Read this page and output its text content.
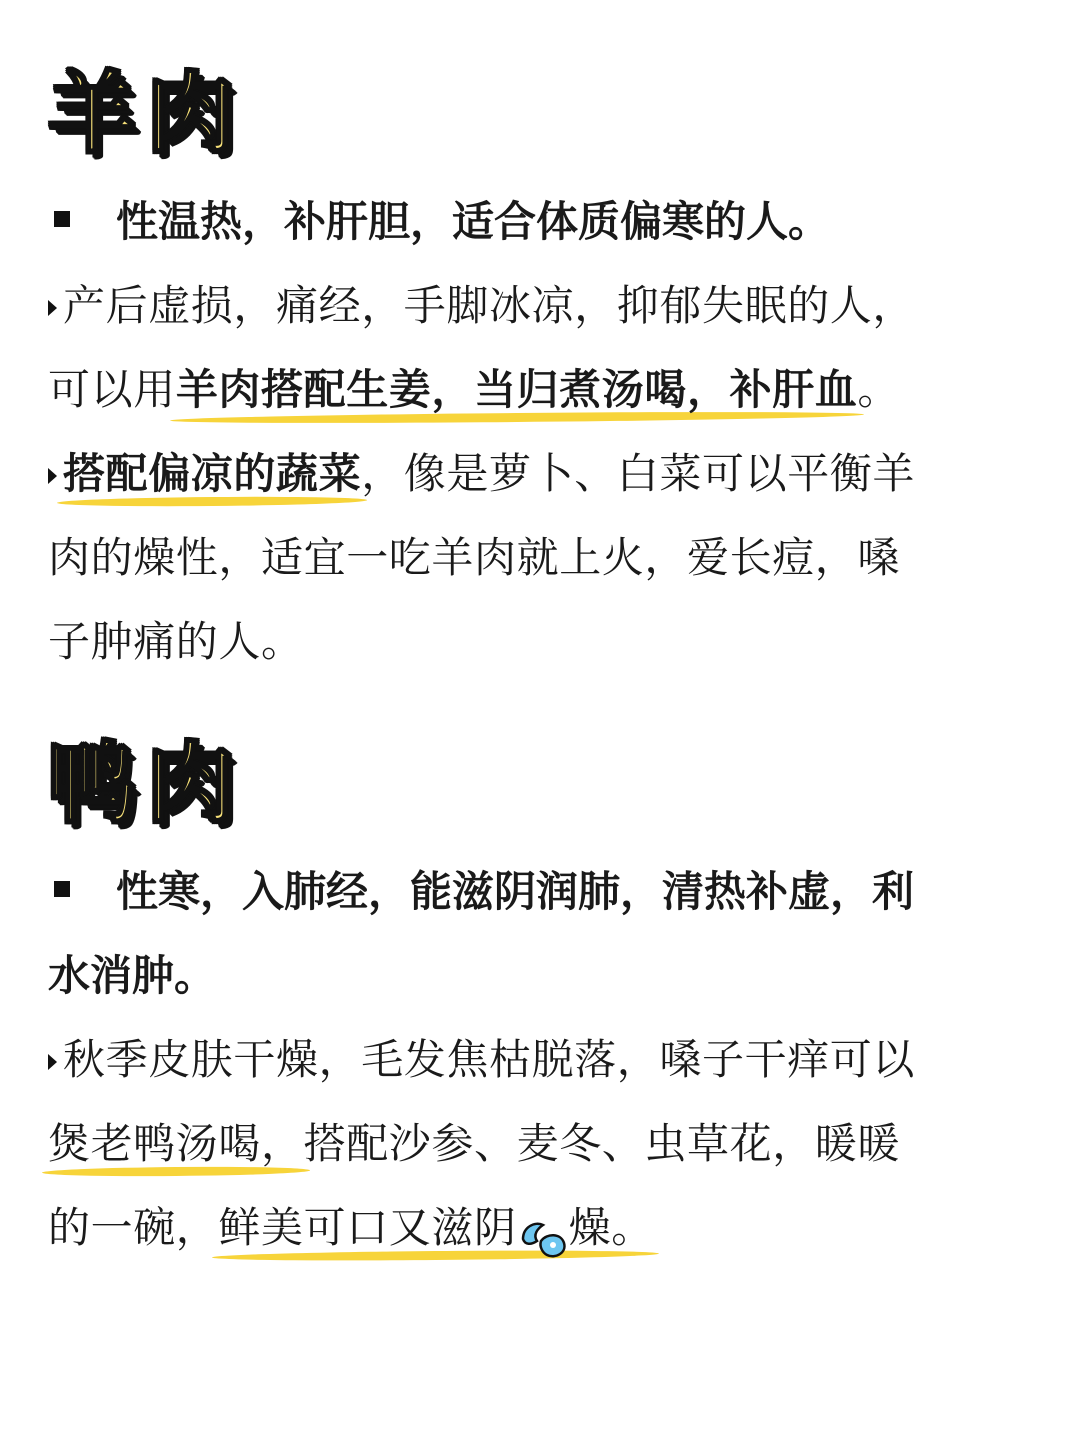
羊肉
性温热，补肝胆，适合体质偏寒的人。
产后虚损，痛经，手脚冰凉，抑郁失眠的人，
可以用羊肉搭配生姜，当归煮汤喝，补肝血。
搭配偏凉的蔬菜，像是萝卜、白菜可以平衡羊
肉的燥性，适宜一吃羊肉就上火，爱长痘，嗓
子肿痛的人。
鸭肉
性寒，入肺经，能滋阴润肺，清热补虚，利
水消肿。
秋季皮肤干燥，毛发焦枯脱落，嗓子干痒可以
煲老鸭汤喝，搭配沙参、麦冬、虫草花，暖暖
的一碗，鲜美可口又滋阴 燥。
